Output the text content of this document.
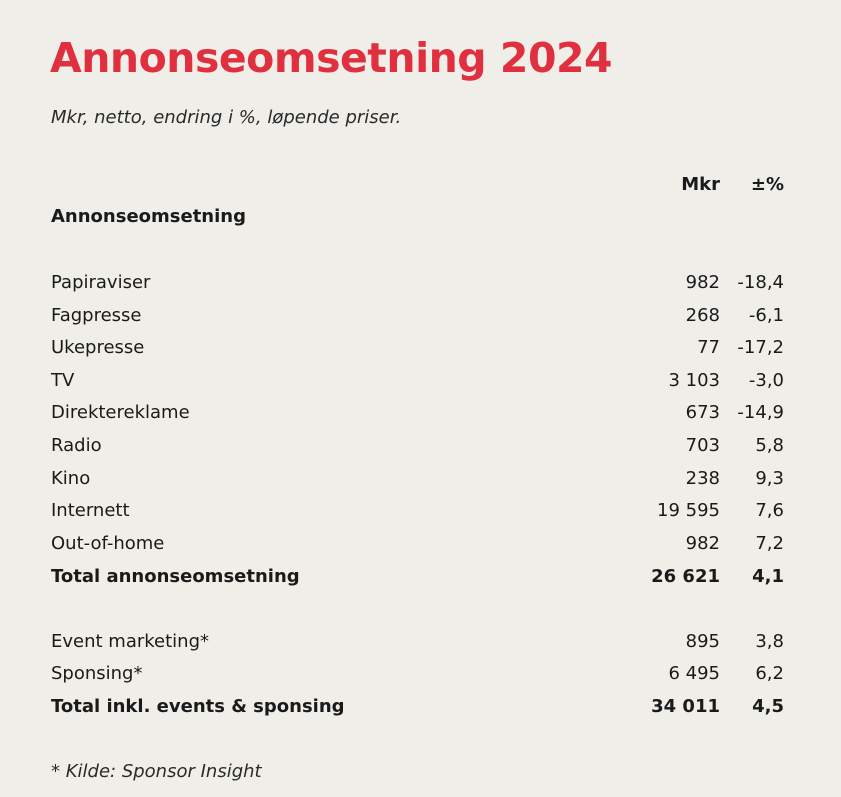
Annonseomsetning 2024
Mkr, netto, endring i %, løpende priser.
Mkr ±%
Annonseomsetning
Papiraviser	982 -18,4
Fagpresse	268 -6,1
Ukepresse	77 -17,2
TV	3 103 -3,0
Direktereklame	673 -14,9
Radio	703 5,8
Kino	238 9,3
Internett	19 595 7,6
Out-of-home	982 7,2
Total annonseomsetning	26 621 4,1
Event marketing*	895 3,8
Sponsing*	6 495 6,2
Total inkl. events & sponsing	34 011 4,5
* Kilde: Sponsor Insight
